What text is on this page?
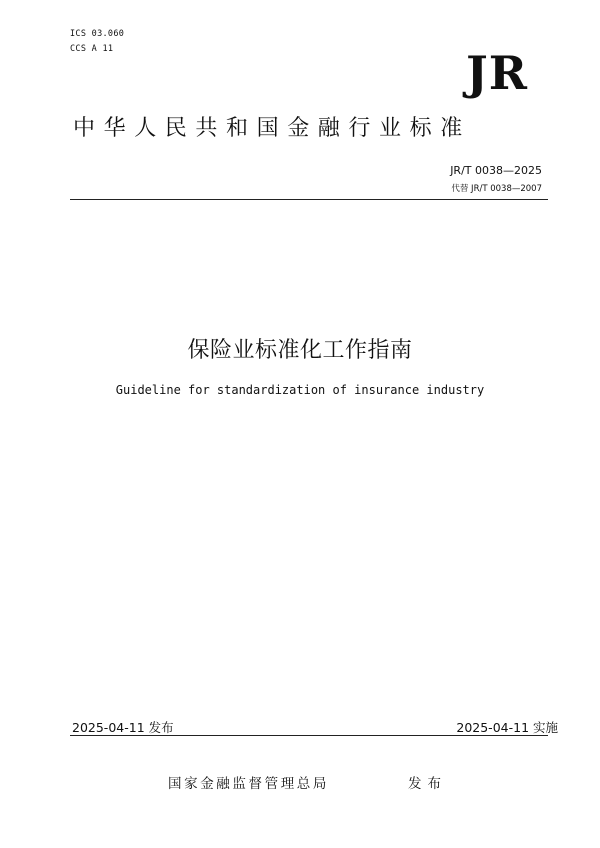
ICS 03.060
CCS A 11	JR
中华人民共和国金融行业标准
JR/T 0038—2025
代替 JR/T 0038—2007
保险业标准化工作指南
Guideline for standardization of insurance industry
2025-04-11 发布	2025-04-11 实施
国家金融监督管理总局	发布
